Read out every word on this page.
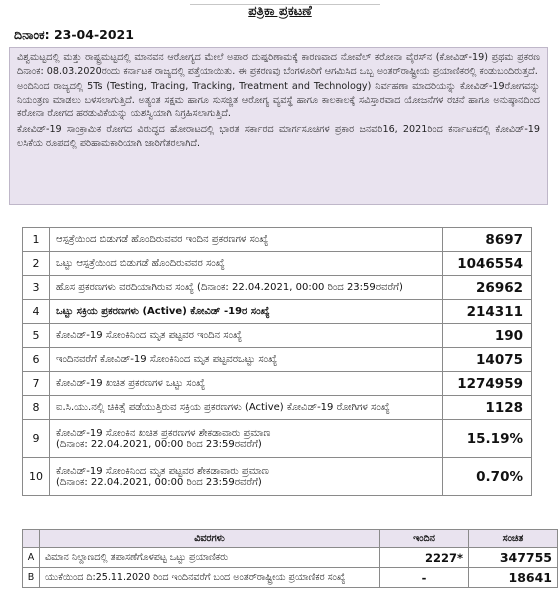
ಪತ್ರಿಕಾ ಪ್ರಕಟಣೆ
ದಿನಾಂಕ: 23-04-2021

ವಿಶ್ವಮಟ್ಟದಲ್ಲಿ ಮತ್ತು ರಾಷ್ಟ್ರಮಟ್ಟದಲ್ಲಿ ಮಾನವನ ಆರೋಗ್ಯದ ಮೇಲೆ ಅಪಾರ ದುಷ್ಪರಿಣಾಮಕ್ಕೆ ಕಾರಣವಾದ ನೋವೆಲ್ ಕರೋನಾ ವೈರಸ್‌ನ (ಕೋವಿಡ್-19) ಪ್ರಥಮ ಪ್ರಕರಣ ದಿನಾಂಕ: 08.03.2020ರಂದು ಕರ್ನಾಟಕ ರಾಜ್ಯದಲ್ಲಿ ಪತ್ತೆಯಾಯಿತು. ಈ ಪ್ರಕರಣವು ಬೆಂಗಳೂರಿಗೆ ಆಗಮಿಸಿದ ಒಬ್ಬ ಅಂತರ್‌ರಾಷ್ಟ್ರೀಯ ಪ್ರಯಾಣಿಕರಲ್ಲಿ ಕಂಡುಬಂದಿರುತ್ತದೆ.

ಅಂದಿನಿಂದ ರಾಜ್ಯದಲ್ಲಿ 5Ts (Testing, Tracing, Tracking, Treatment and Technology) ನಿರ್ವಹಣಾ ಮಾದರಿಯನ್ನು ಕೋವಿಡ್-19ರೋಗವನ್ನು ನಿಯಂತ್ರಣ ಮಾಡಲು ಬಳಸಲಾಗುತ್ತಿದೆ. ಅತ್ಯಂತ ಸಕ್ಷಮ ಹಾಗೂ ಸುಸಜ್ಜಿತ ಆರೋಗ್ಯ ವ್ಯವಸ್ಥೆ ಹಾಗೂ ಕಾಲಕಾಲಕ್ಕೆ ಸವಿಸ್ತಾರವಾದ ಯೋಜನೆಗಳ ರಚನೆ ಹಾಗೂ ಅನುಷ್ಠಾನದಿಂದ ಕರೋನಾ ರೋಗದ ಹರಡುವಿಕೆಯನ್ನು ಯಶಸ್ವಿಯಾಗಿ ನಿಗ್ರಹಿಸಲಾಗುತ್ತಿದೆ.

ಕೋವಿಡ್-19 ಸಾಂಕ್ರಾಮಿಕ ರೋಗದ ವಿರುದ್ಧದ ಹೋರಾಟದಲ್ಲಿ ಭಾರತ ಸರ್ಕಾರದ ಮಾರ್ಗಸೂಚಿಗಳ ಪ್ರಕಾರ ಜನವರಿ16, 2021ರಿಂದ ಕರ್ನಾಟಕದಲ್ಲಿ ಕೋವಿಡ್-19 ಲಸಿಕೆಯ ರೂಪದಲ್ಲಿ ಪರಿಹಾಮಕಾರಿಯಾಗಿ ಜಾರಿಗೆತರಲಾಗಿದೆ.

1	ಆಸ್ಪತ್ರೆಯಿಂದ ಬಿಡುಗಡೆ ಹೊಂದಿರುವವರ ಇಂದಿನ ಪ್ರಕರಣಗಳ ಸಂಖ್ಯೆ	8697
2	ಒಟ್ಟು ಆಸ್ಪತ್ರೆಯಿಂದ ಬಿಡುಗಡೆ ಹೊಂದಿರುವವರ ಸಂಖ್ಯೆ	1046554
3	ಹೊಸ ಪ್ರಕರಣಗಳು ವರದಿಯಾಗಿರುವ ಸಂಖ್ಯೆ (ದಿನಾಂಕ: 22.04.2021, 00:00 ರಿಂದ 23:59ರವರೆಗೆ)	26962
4	ಒಟ್ಟು ಸಕ್ರಿಯ ಪ್ರಕರಣಗಳು (Active) ಕೋವಿಡ್ -19ರ ಸಂಖ್ಯೆ	214311
5	ಕೋವಿಡ್-19 ಸೋಂಕಿನಿಂದ ಮೃತ ಪಟ್ಟವರ ಇಂದಿನ ಸಂಖ್ಯೆ	190
6	ಇಂದಿನವರೆಗೆ ಕೋವಿಡ್-19 ಸೋಂಕಿನಿಂದ ಮೃತ ಪಟ್ಟವರಒಟ್ಟು ಸಂಖ್ಯೆ	14075
7	ಕೋವಿಡ್-19 ಖಚಿತ ಪ್ರಕರಣಗಳ ಒಟ್ಟು ಸಂಖ್ಯೆ	1274959
8	ಐ.ಸಿ.ಯು.ನಲ್ಲಿ ಚಿಕಿತ್ಸೆ ಪಡೆಯುತ್ತಿರುವ ಸಕ್ರಿಯ ಪ್ರಕರಣಗಳು (Active) ಕೋವಿಡ್-19 ರೋಗಿಗಳ ಸಂಖ್ಯೆ	1128
9	ಕೋವಿಡ್-19 ಸೋಂಕಿನ ಖಚಿತ ಪ್ರಕರಣಗಳ ಶೇಕಡಾವಾರು ಪ್ರಮಾಣ
(ದಿನಾಂಕ: 22.04.2021, 00:00 ರಿಂದ 23:59ರವರೆಗೆ)	15.19%
10	ಕೋವಿಡ್-19 ಸೋಂಕಿನಿಂದ ಮೃತ ಪಟ್ಟವರ ಶೇಕಡಾವಾರು ಪ್ರಮಾಣ
(ದಿನಾಂಕ: 22.04.2021, 00:00 ರಿಂದ 23:59ರವರೆಗೆ)	0.70%
	ವಿವರಗಳು	ಇಂದಿನ	ಸಂಚಿತ
A	ವಿಮಾನ ನಿಲ್ದಾಣದಲ್ಲಿ ತಪಾಸಣೆಗೊಳಪಟ್ಟ ಒಟ್ಟು ಪ್ರಯಾಣಿಕರು	2227*	347755
B	ಯುಕೆಯಿಂದ ದಿ:25.11.2020 ರಿಂದ ಇಂದಿನವರೆಗೆ ಬಂದ ಅಂತರ್‌ರಾಷ್ಟ್ರೀಯ ಪ್ರಯಾಣಿಕರ ಸಂಖ್ಯೆ	-	18641
